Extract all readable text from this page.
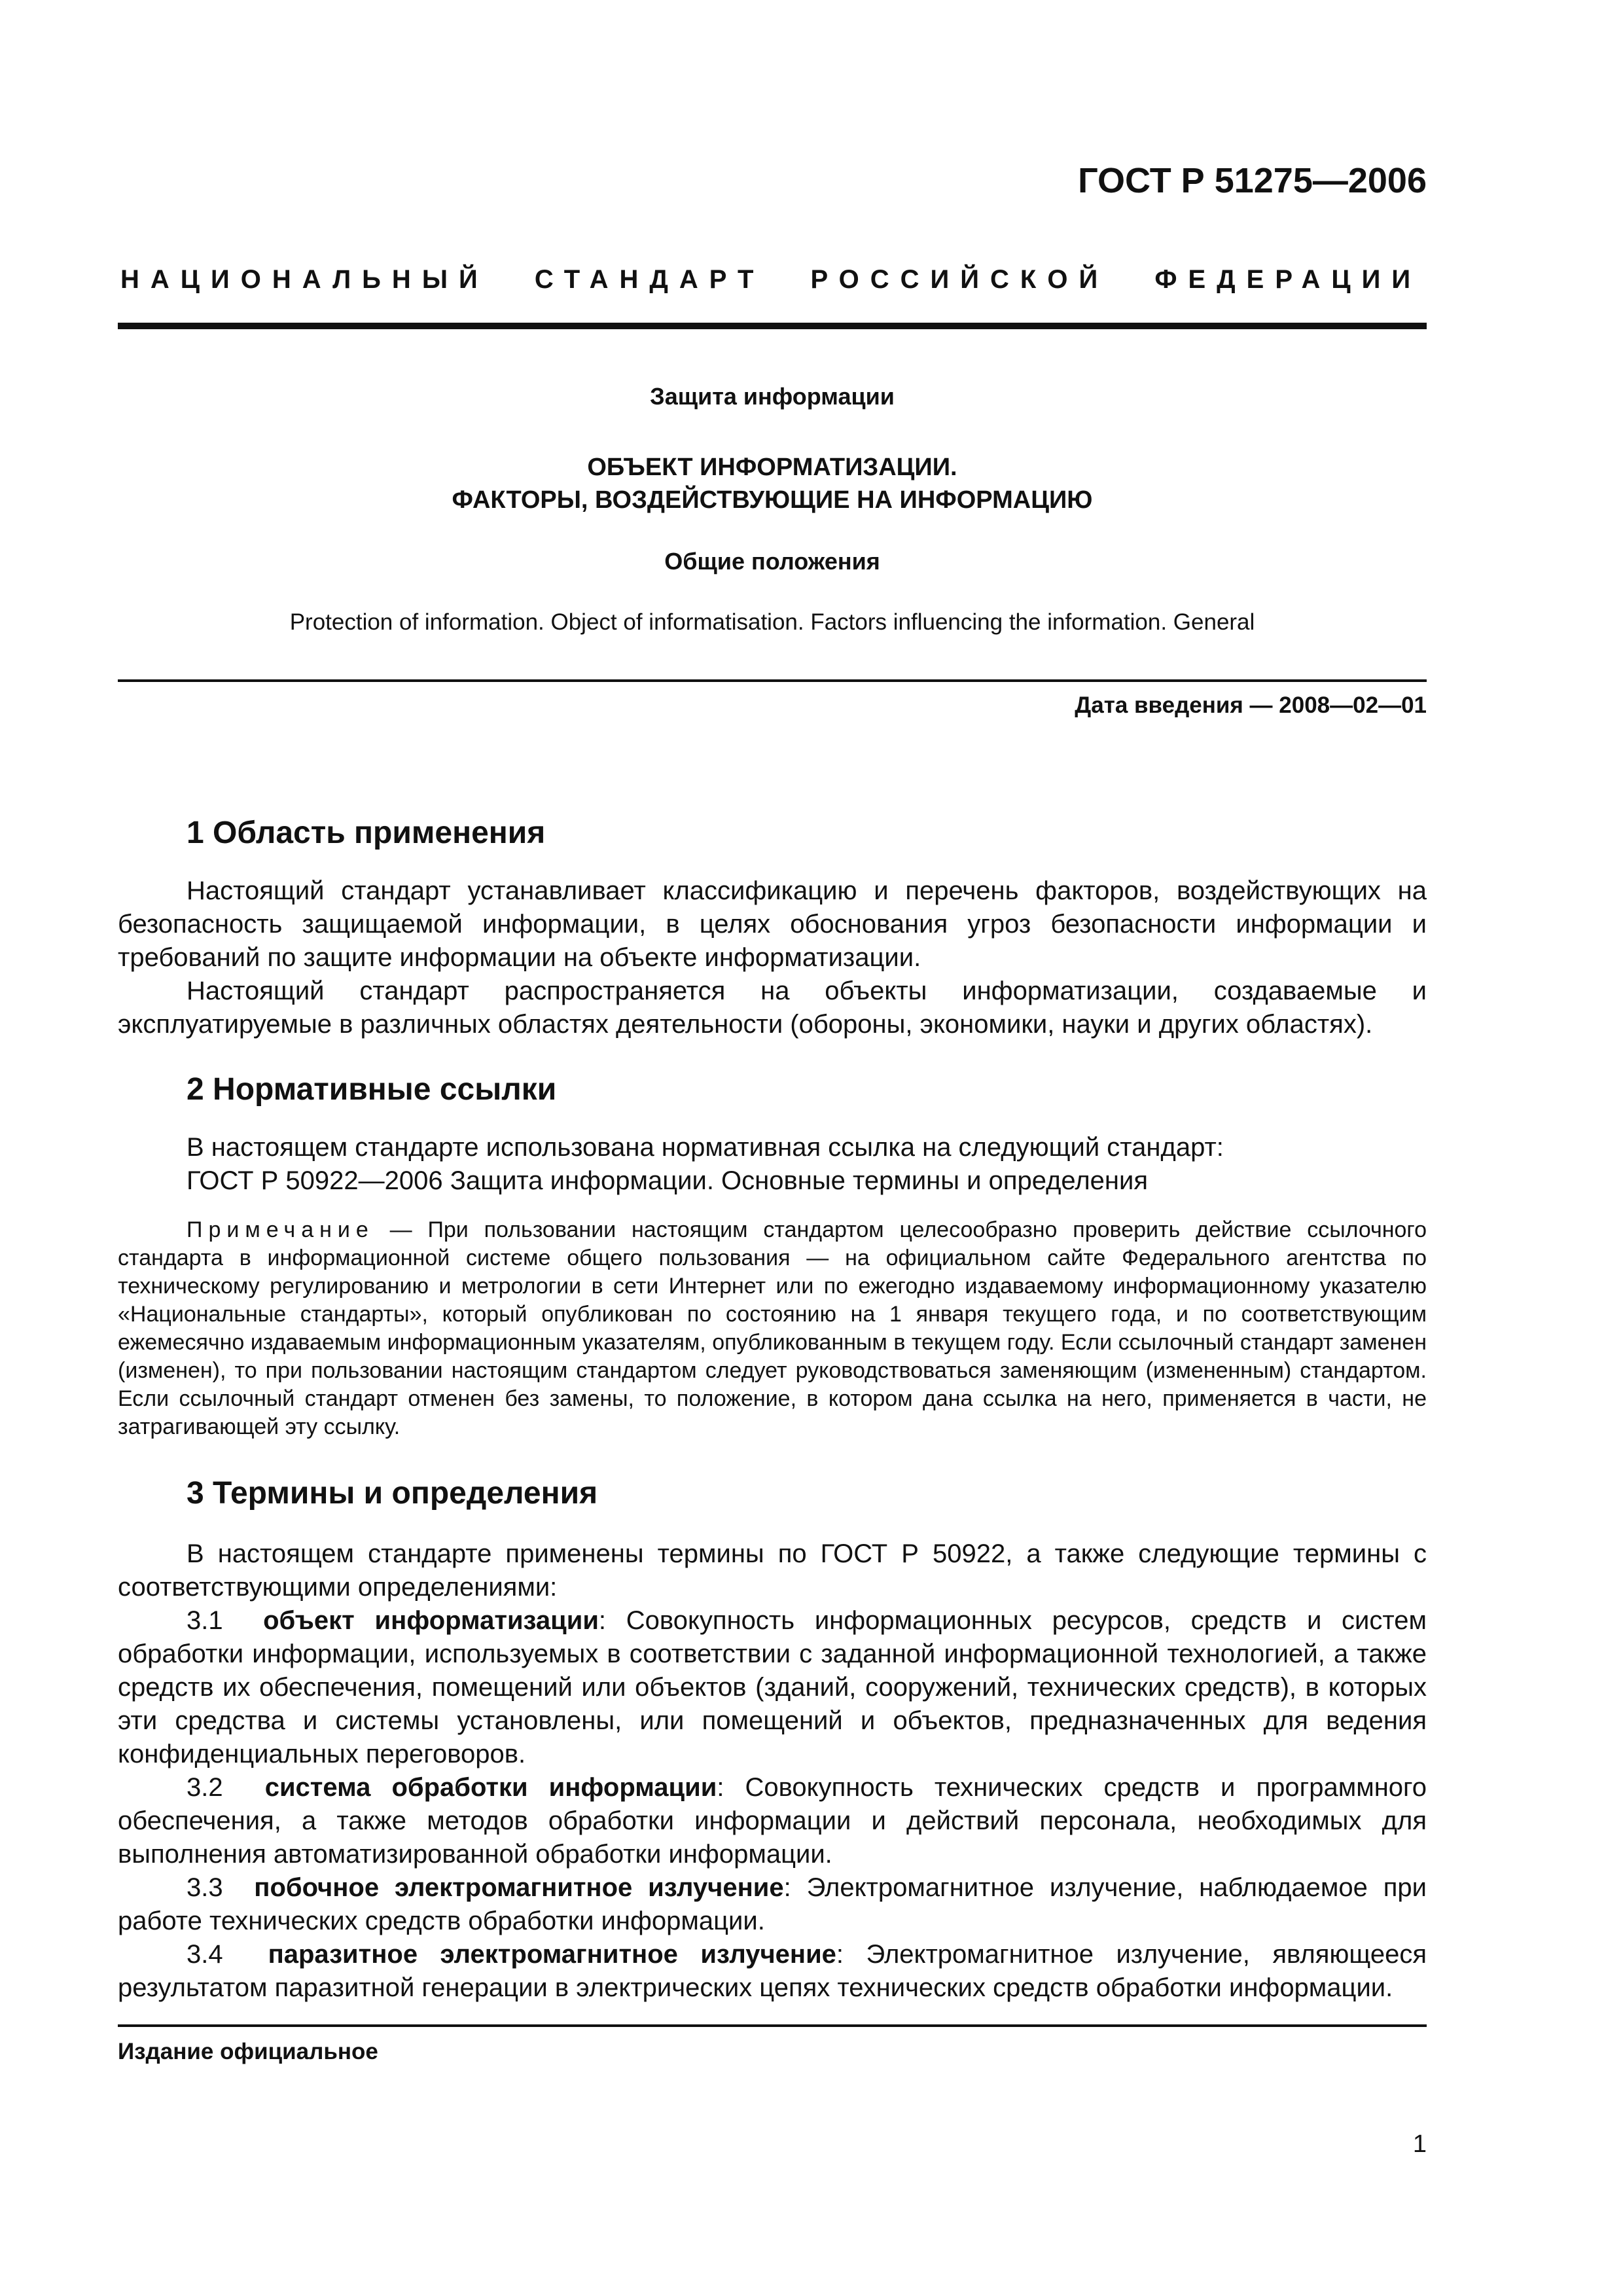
ГОСТ Р 51275—2006
НАЦИОНАЛЬНЫЙ СТАНДАРТ РОССИЙСКОЙ ФЕДЕРАЦИИ
Защита информации
ОБЪЕКТ ИНФОРМАТИЗАЦИИ.
ФАКТОРЫ, ВОЗДЕЙСТВУЮЩИЕ НА ИНФОРМАЦИЮ
Общие положения
Protection of information. Object of informatisation. Factors influencing the information. General
Дата введения — 2008—02—01
1 Область применения

Настоящий стандарт устанавливает классификацию и перечень факторов, воздействующих на безопасность защищаемой информации, в целях обоснования угроз безопасности информации и требований по защите информации на объекте информатизации.

Настоящий стандарт распространяется на объекты информатизации, создаваемые и эксплуатируемые в различных областях деятельности (обороны, экономики, науки и других областях).

2 Нормативные ссылки

В настоящем стандарте использована нормативная ссылка на следующий стандарт:

ГОСТ Р 50922—2006 Защита информации. Основные термины и определения

Примечание — При пользовании настоящим стандартом целесообразно проверить действие ссылочного стандарта в информационной системе общего пользования — на официальном сайте Федерального агентства по техническому регулированию и метрологии в сети Интернет или по ежегодно издаваемому информационному указателю «Национальные стандарты», который опубликован по состоянию на 1 января текущего года, и по соответствующим ежемесячно издаваемым информационным указателям, опубликованным в текущем году. Если ссылочный стандарт заменен (изменен), то при пользовании настоящим стандартом следует руководствоваться заменяющим (измененным) стандартом. Если ссылочный стандарт отменен без замены, то положение, в котором дана ссылка на него, применяется в части, не затрагивающей эту ссылку.

3 Термины и определения

В настоящем стандарте применены термины по ГОСТ Р 50922, а также следующие термины с соответствующими определениями:

3.1 объект информатизации: Совокупность информационных ресурсов, средств и систем обработки информации, используемых в соответствии с заданной информационной технологией, а также средств их обеспечения, помещений или объектов (зданий, сооружений, технических средств), в которых эти средства и системы установлены, или помещений и объектов, предназначенных для ведения конфиденциальных переговоров.

3.2 система обработки информации: Совокупность технических средств и программного обеспечения, а также методов обработки информации и действий персонала, необходимых для выполнения автоматизированной обработки информации.

3.3 побочное электромагнитное излучение: Электромагнитное излучение, наблюдаемое при работе технических средств обработки информации.

3.4 паразитное электромагнитное излучение: Электромагнитное излучение, являющееся результатом паразитной генерации в электрических цепях технических средств обработки информации.

Издание официальное
1
